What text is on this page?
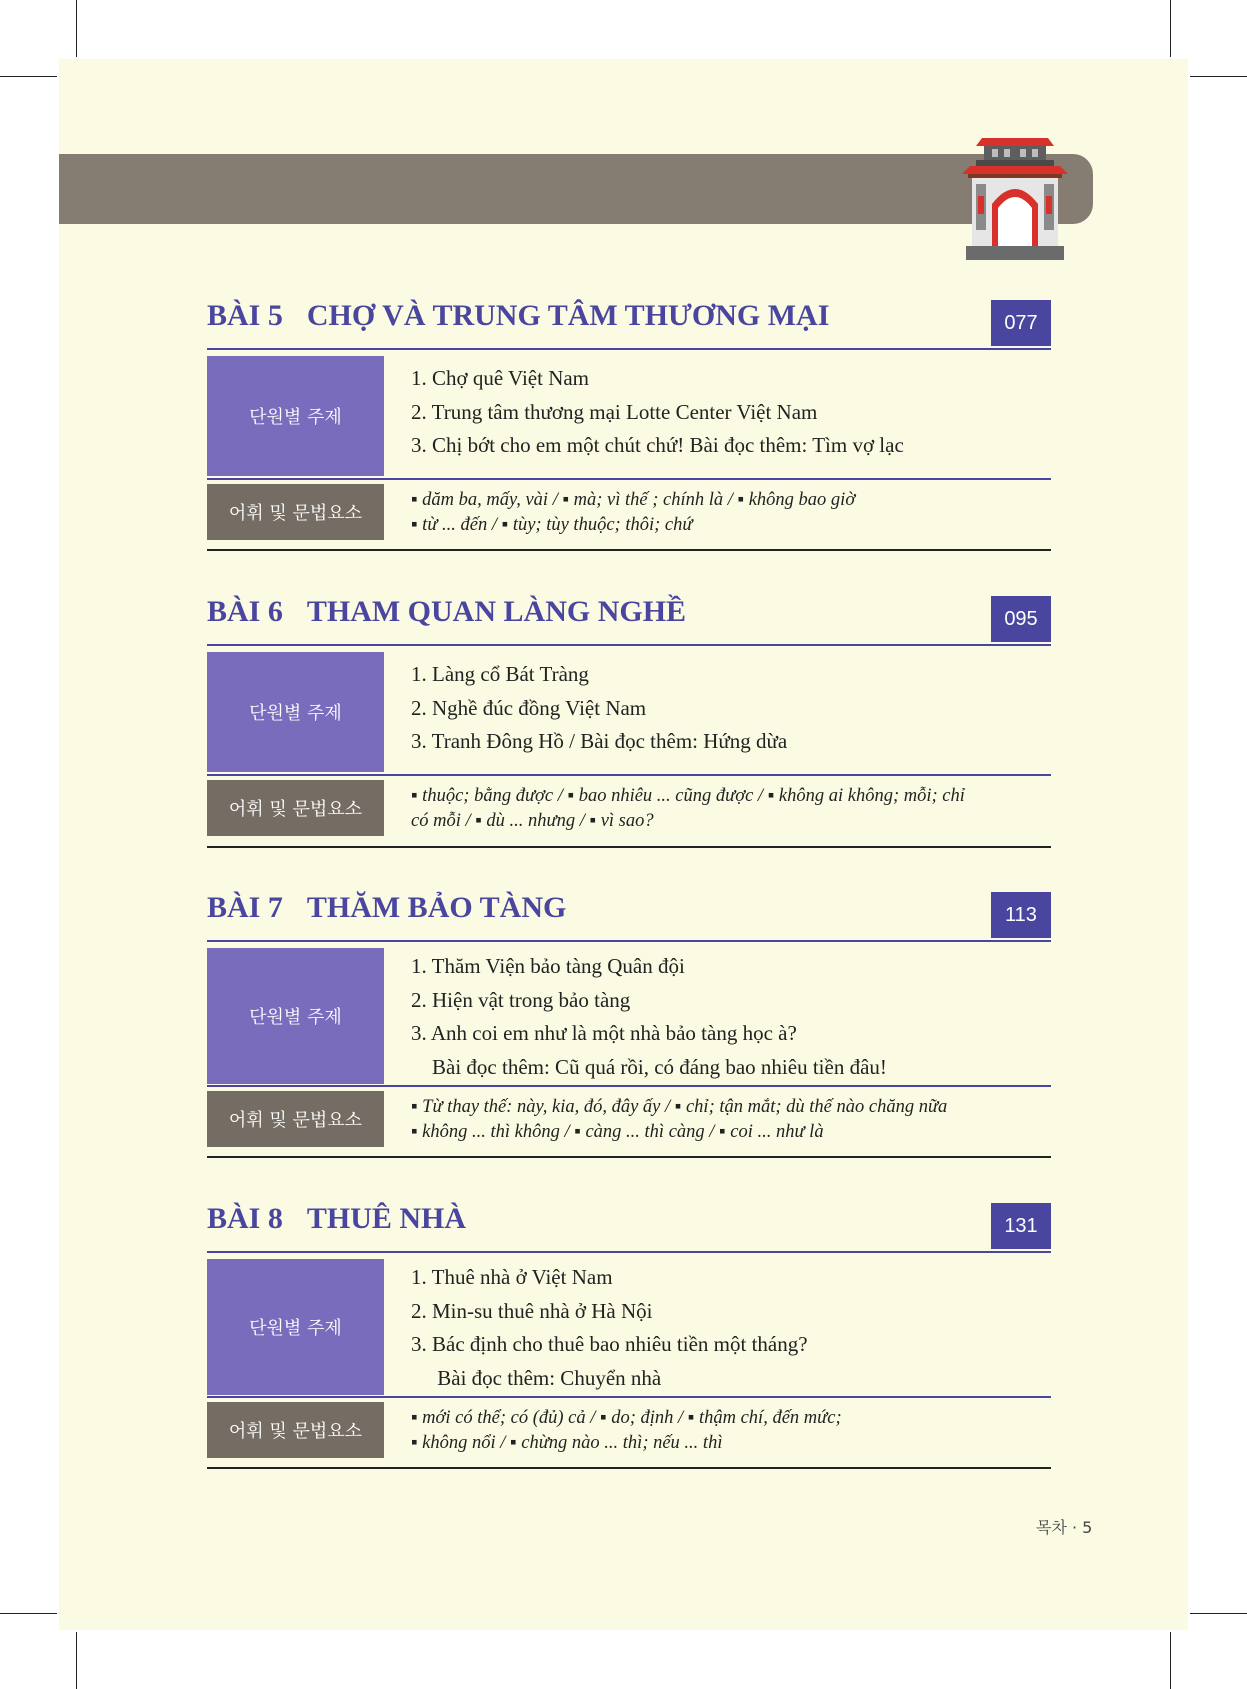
BÀI 5 CHỢ VÀ TRUNG TÂM THƯƠNG MẠI	077
단원별 주제
1. Chợ quê Việt Nam
2. Trung tâm thương mại Lotte Center Việt Nam
3. Chị bớt cho em một chút chứ! Bài đọc thêm: Tìm vợ lạc
어휘 및 문법요소
▪ dăm ba, mấy, vài / ▪ mà; vì thế ; chính là / ▪ không bao giờ
▪ từ ... đến / ▪ tùy; tùy thuộc; thôi; chứ
BÀI 6 THAM QUAN LÀNG NGHỀ	095
단원별 주제
1. Làng cổ Bát Tràng
2. Nghề đúc đồng Việt Nam
3. Tranh Đông Hồ / Bài đọc thêm: Hứng dừa
어휘 및 문법요소
▪ thuộc; bằng được / ▪ bao nhiêu ... cũng được / ▪ không ai không; mỗi; chỉ
có mỗi / ▪ dù ... nhưng / ▪ vì sao?
BÀI 7 THĂM BẢO TÀNG	113
단원별 주제
1. Thăm Viện bảo tàng Quân đội
2. Hiện vật trong bảo tàng
3. Anh coi em như là một nhà bảo tàng học à?
Bài đọc thêm: Cũ quá rồi, có đáng bao nhiêu tiền đâu!
어휘 및 문법요소
▪ Từ thay thế: này, kia, đó, đây ấy / ▪ chỉ; tận mắt; dù thế nào chăng nữa
▪ không ... thì không / ▪ càng ... thì càng / ▪ coi ... như là
BÀI 8 THUÊ NHÀ	131
단원별 주제
1. Thuê nhà ở Việt Nam
2. Min-su thuê nhà ở Hà Nội
3. Bác định cho thuê bao nhiêu tiền một tháng?
Bài đọc thêm: Chuyển nhà
어휘 및 문법요소
▪ mới có thể; có (đủ) cả / ▪ do; định / ▪ thậm chí, đến mức;
▪ không nổi / ▪ chừng nào ... thì; nếu ... thì
목차 · 5
